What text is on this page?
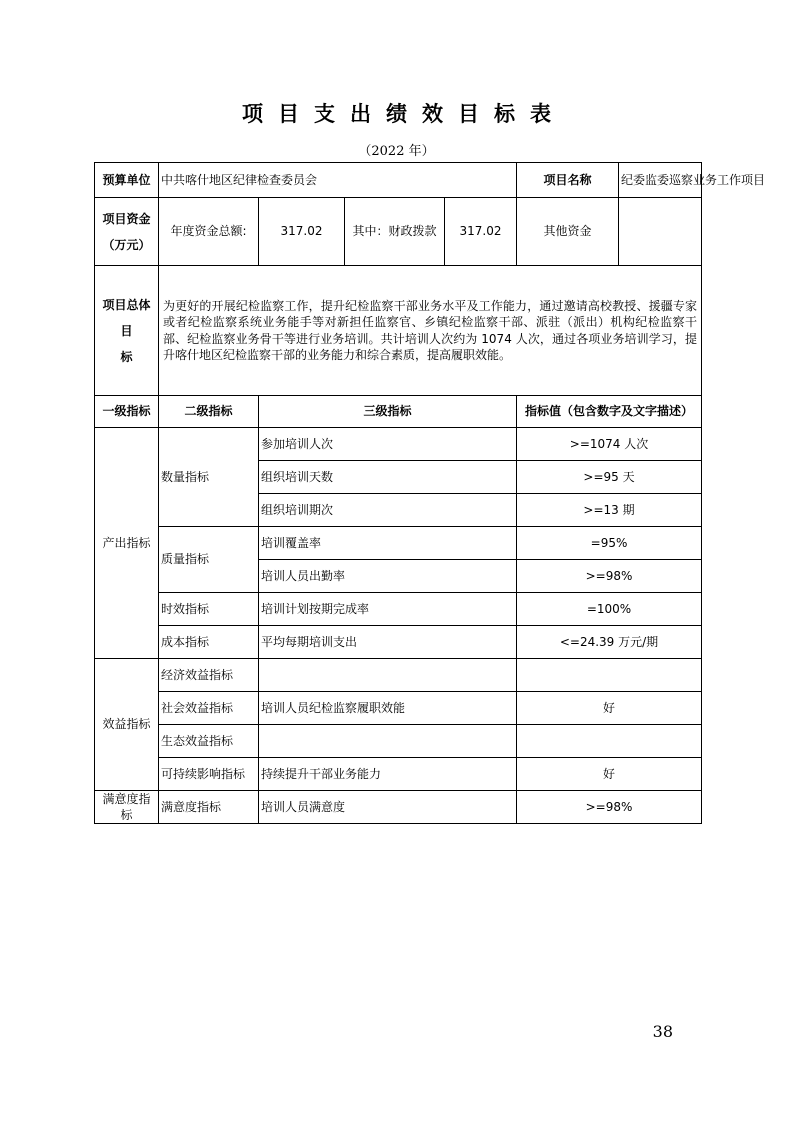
项目支出绩效目标表
（2022 年）
预算单位	中共喀什地区纪律检查委员会				项目名称	纪委监委巡察业务工作项目
项目资金
（万元）	年度资金总额:	317.02	其中：财政拨款	317.02	其他资金	
项目总体目
标	为更好的开展纪检监察工作，提升纪检监察干部业务水平及工作能力，通过邀请高校教授、援疆专家或者纪检监察系统业务能手等对新担任监察官、乡镇纪检监察干部、派驻（派出）机构纪检监察干部、纪检监察业务骨干等进行业务培训。共计培训人次约为 1074 人次，通过各项业务培训学习，提升喀什地区纪检监察干部的业务能力和综合素质，提高履职效能。					
一级指标	二级指标	三级指标			指标值（包含数字及文字描述）	
产出指标	数量指标	参加培训人次			>=1074 人次	
		组织培训天数			>=95 天	
		组织培训期次			>=13 期	
	质量指标	培训覆盖率			=95%	
		培训人员出勤率			>=98%	
	时效指标	培训计划按期完成率			=100%	
	成本指标	平均每期培训支出			<=24.39 万元/期	
效益指标	经济效益指标					
	社会效益指标	培训人员纪检监察履职效能			好	
	生态效益指标					
	可持续影响指标	持续提升干部业务能力			好	
满意度指标	满意度指标	培训人员满意度			>=98%	
38
